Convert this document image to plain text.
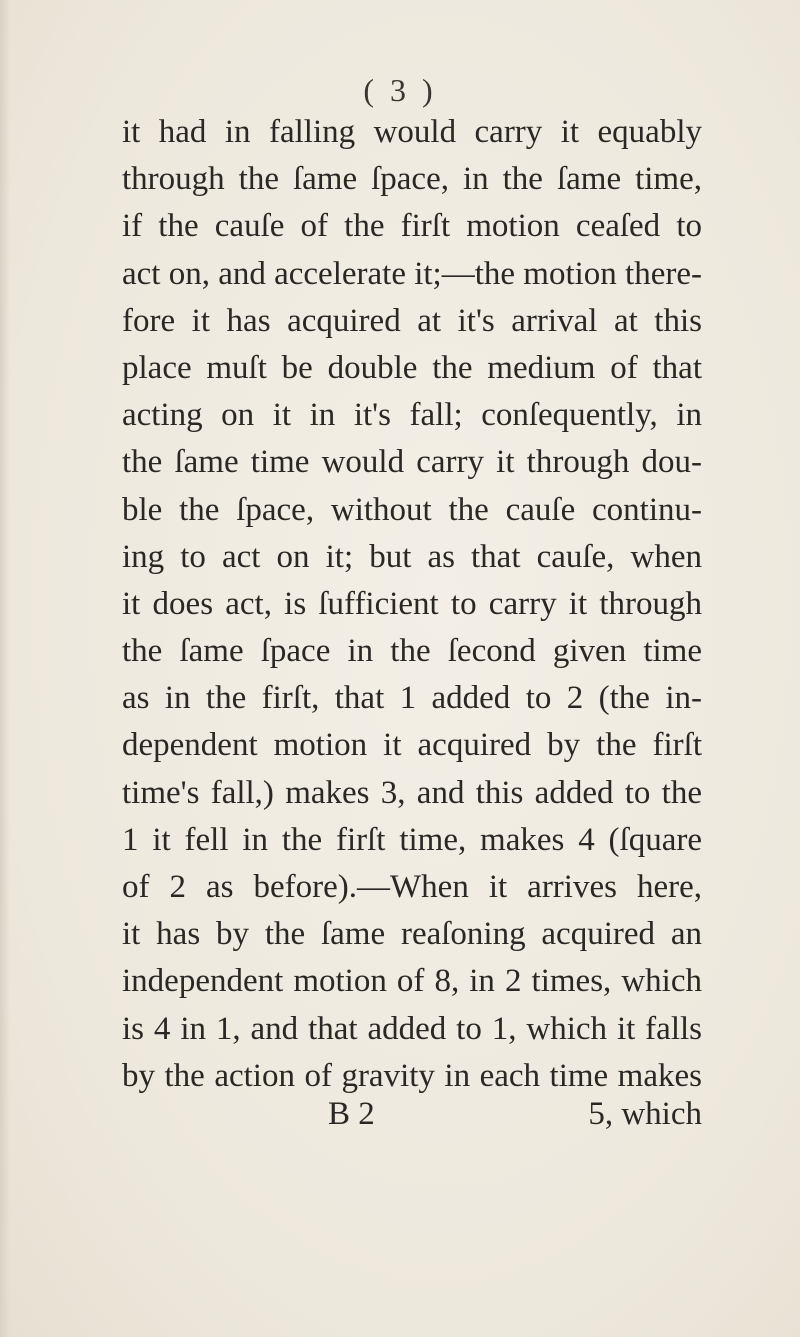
( 3 )
it had in falling would carry it equably
through the ſame ſpace, in the ſame time,
if the cauſe of the firſt motion ceaſed to
act on, and accelerate it;—the motion there-
fore it has acquired at it's arrival at this
place muſt be double the medium of that
acting on it in it's fall; conſequently, in
the ſame time would carry it through dou-
ble the ſpace, without the cauſe continu-
ing to act on it; but as that cauſe, when
it does act, is ſufficient to carry it through
the ſame ſpace in the ſecond given time
as in the firſt, that 1 added to 2 (the in-
dependent motion it acquired by the firſt
time's fall,) makes 3, and this added to the
1 it fell in the firſt time, makes 4 (ſquare
of 2 as before).—When it arrives here,
it has by the ſame reaſoning acquired an
independent motion of 8, in 2 times, which
is 4 in 1, and that added to 1, which it falls
by the action of gravity in each time makes
B 2	5, which
